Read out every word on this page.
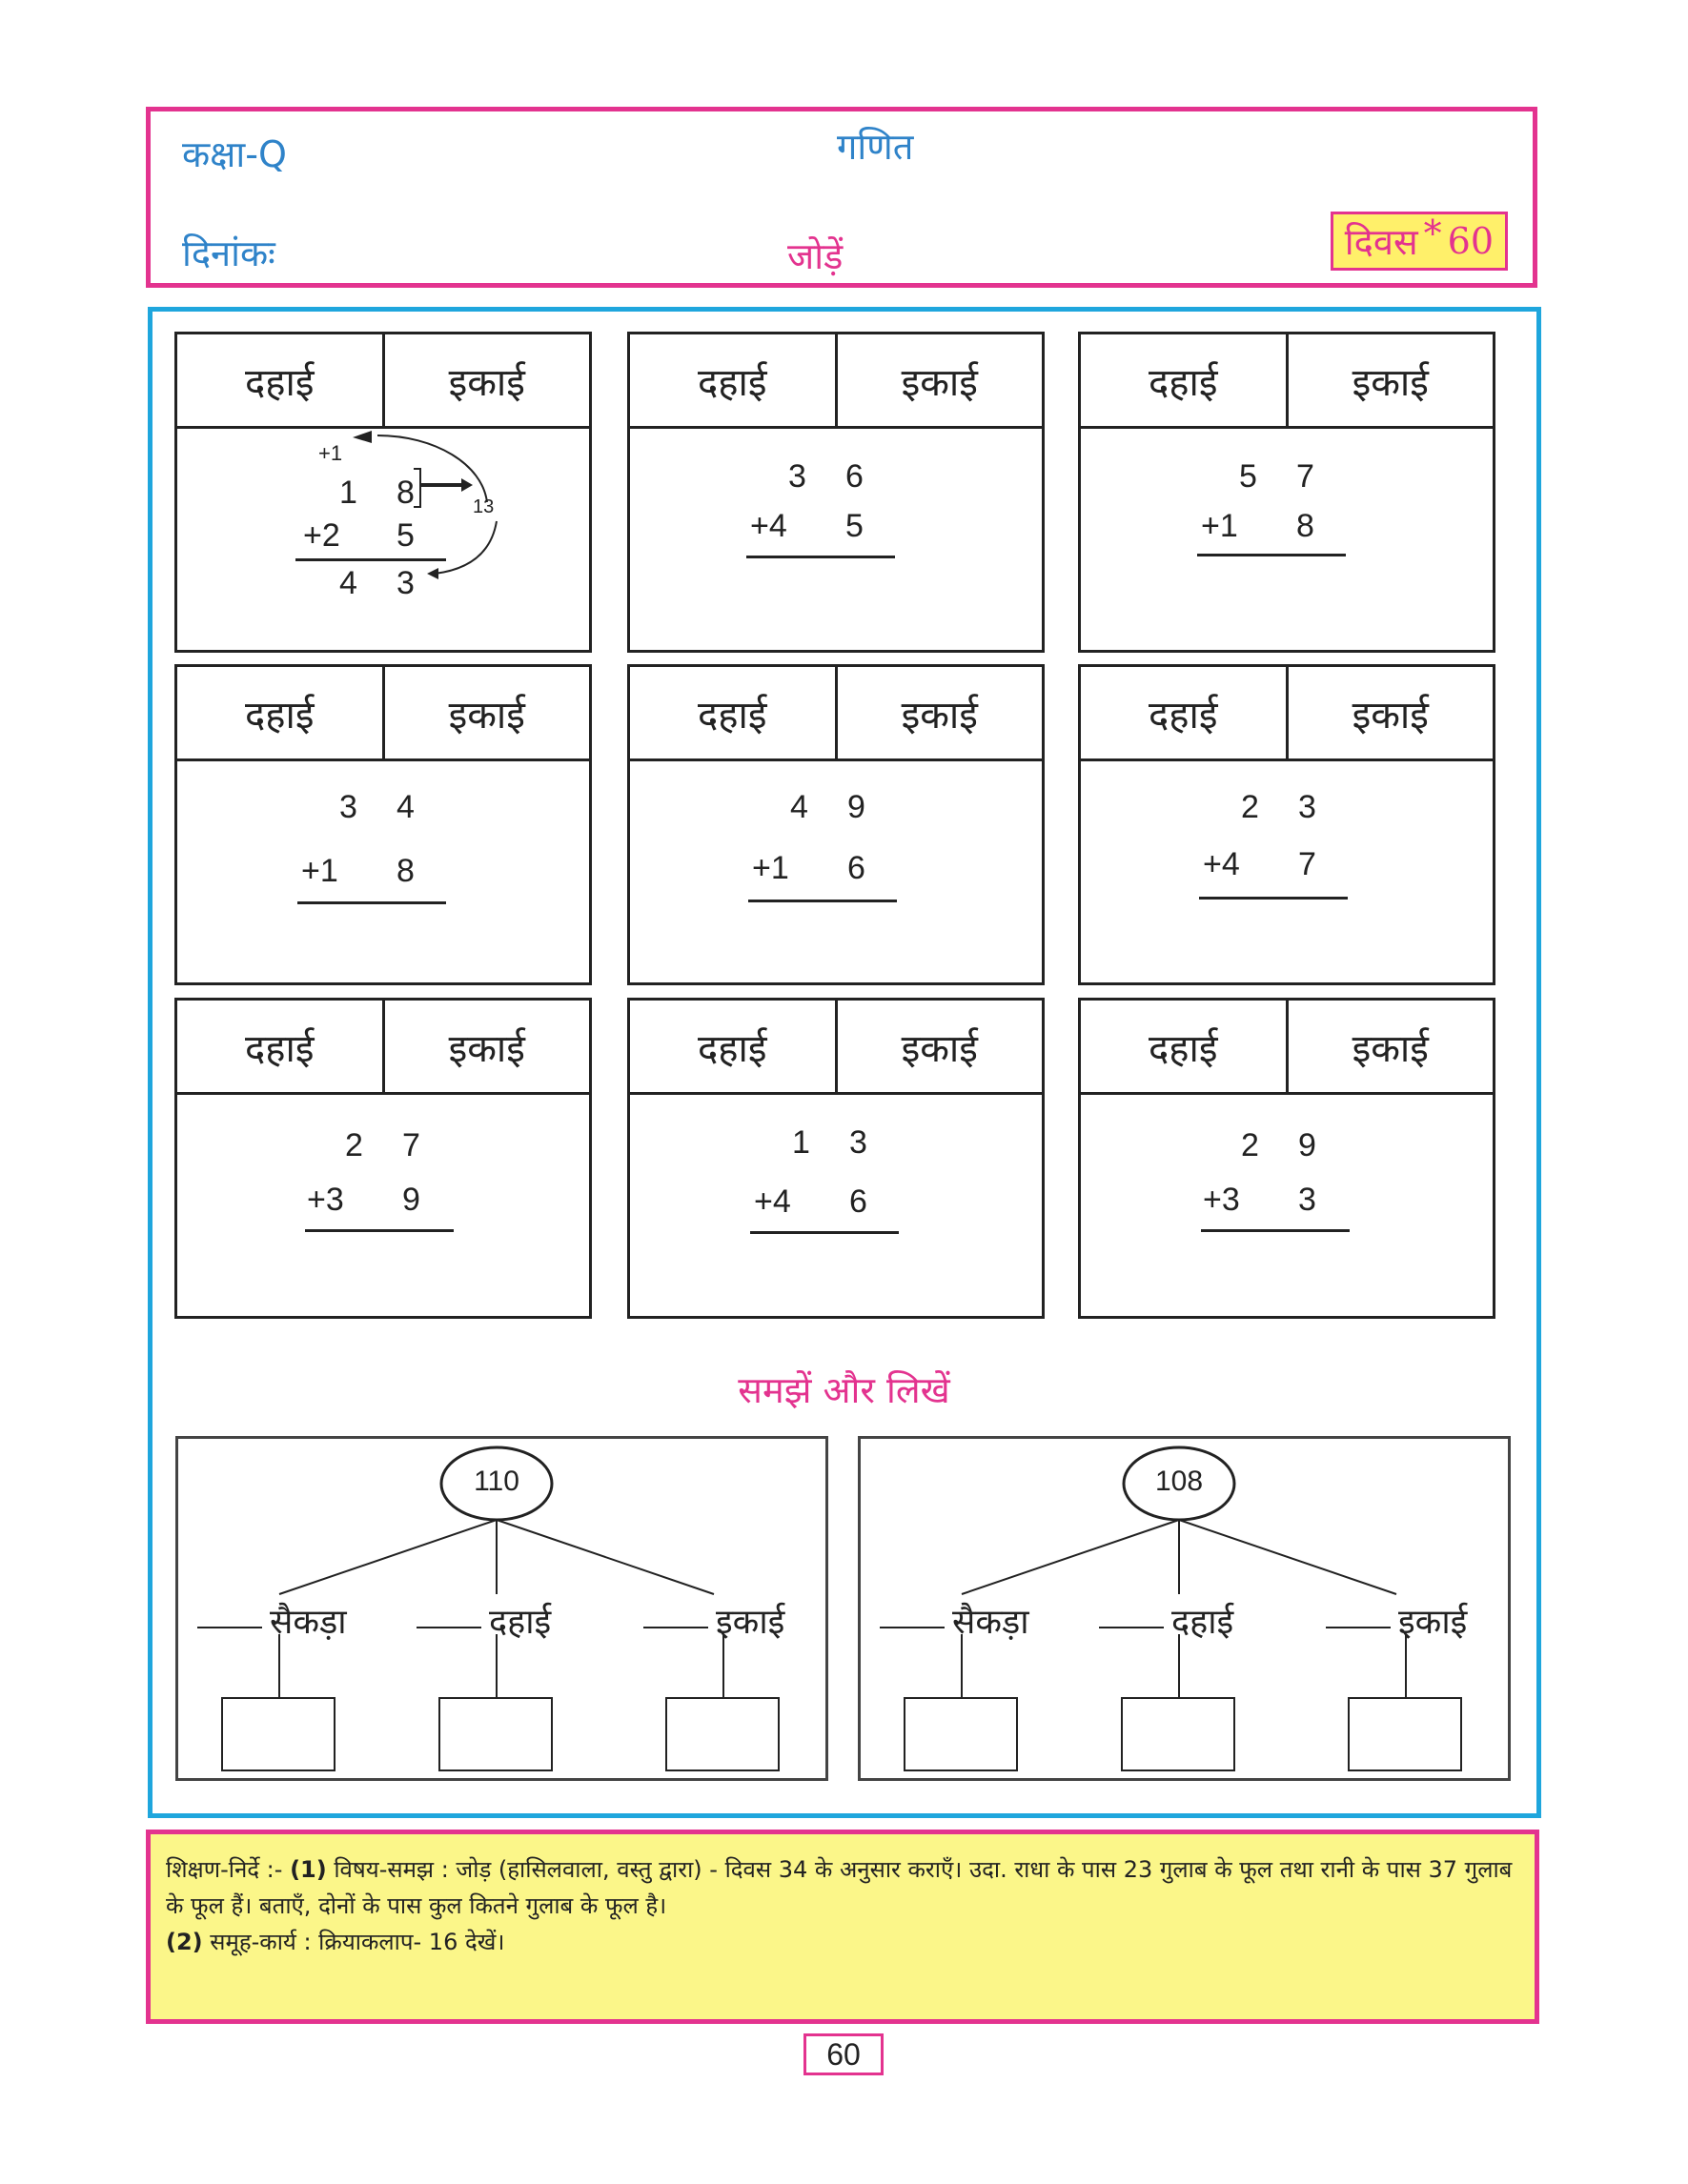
कक्षा-Q	गणित
दिनांकः	जोड़ें	दिवस * 60
दहाई	इकाई
+1
13
1 8
+2 5
4 3
दहाई	इकाई
3 6
+4 5
दहाई	इकाई
5 7
+1 8
दहाई	इकाई
3 4
+1 8
दहाई	इकाई
4 9
+1 6
दहाई	इकाई
2 3
+4 7
दहाई	इकाई
2 7
+3 9
दहाई	इकाई
1 3
+4 6
दहाई	इकाई
2 9
+3 3
समझें और लिखें
110
सैकड़ा	दहाई	इकाई
108
सैकड़ा	दहाई	इकाई
शिक्षण-निर्दे :- (1) विषय-समझ : जोड़ (हासिलवाला, वस्तु द्वारा) - दिवस 34 के अनुसार कराएँ। उदा. राधा के पास 23 गुलाब के फूल तथा रानी के पास 37 गुलाब के फूल हैं। बताएँ, दोनों के पास कुल कितने गुलाब के फूल है।
(2) समूह-कार्य : क्रियाकलाप- 16 देखें।
60
